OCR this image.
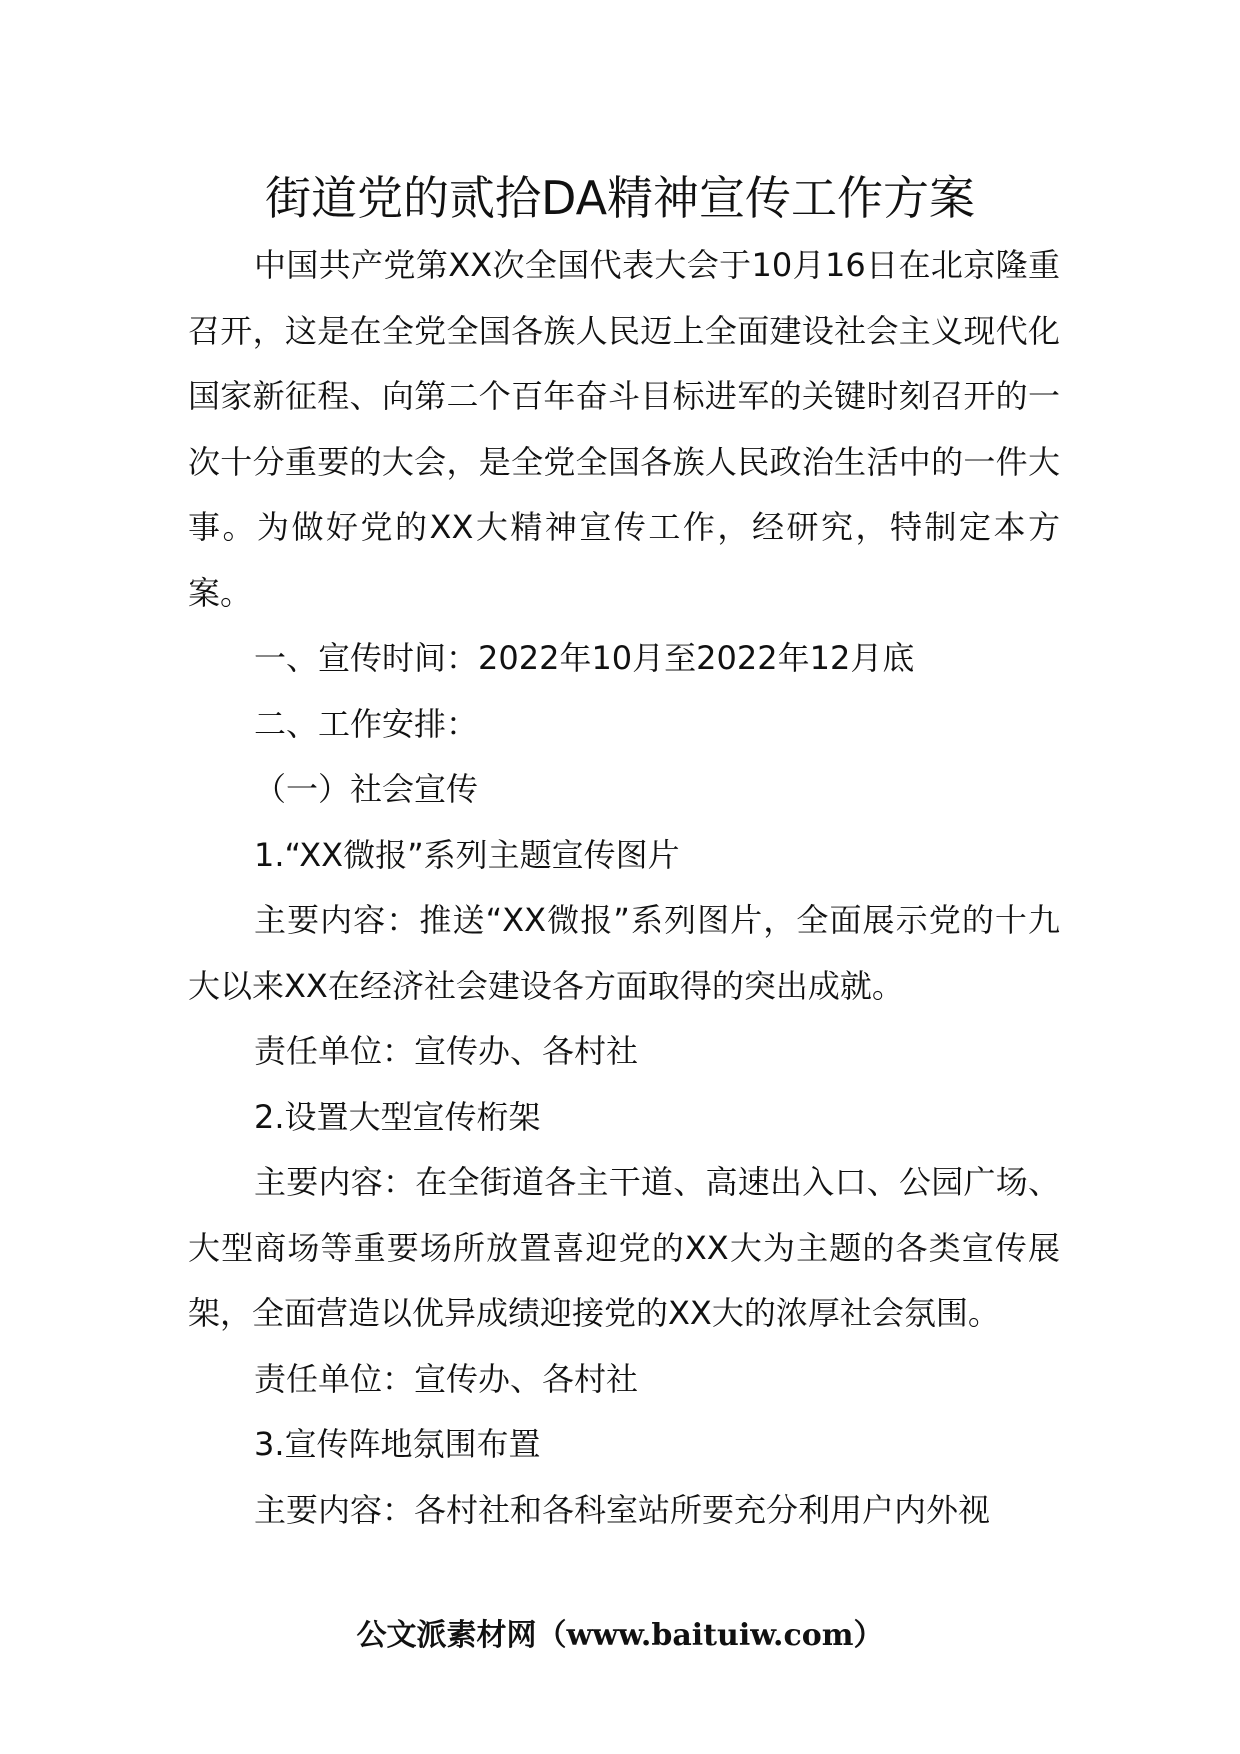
街道党的贰拾DA精神宣传工作方案

中国共产党第XX次全国代表大会于10月16日在北京隆重召开，这是在全党全国各族人民迈上全面建设社会主义现代化国家新征程、向第二个百年奋斗目标进军的关键时刻召开的一次十分重要的大会，是全党全国各族人民政治生活中的一件大事。为做好党的XX大精神宣传工作，经研究，特制定本方案。

一、宣传时间：2022年10月至2022年12月底

二、工作安排：

（一）社会宣传

1.“XX微报”系列主题宣传图片

主要内容：推送“XX微报”系列图片，全面展示党的十九大以来XX在经济社会建设各方面取得的突出成就。

责任单位：宣传办、各村社

2.设置大型宣传桁架

主要内容：在全街道各主干道、高速出入口、公园广场、大型商场等重要场所放置喜迎党的XX大为主题的各类宣传展架，全面营造以优异成绩迎接党的XX大的浓厚社会氛围。

责任单位：宣传办、各村社

3.宣传阵地氛围布置

主要内容：各村社和各科室站所要充分利用户内外视

公文派素材网（www.baituiw.com）
